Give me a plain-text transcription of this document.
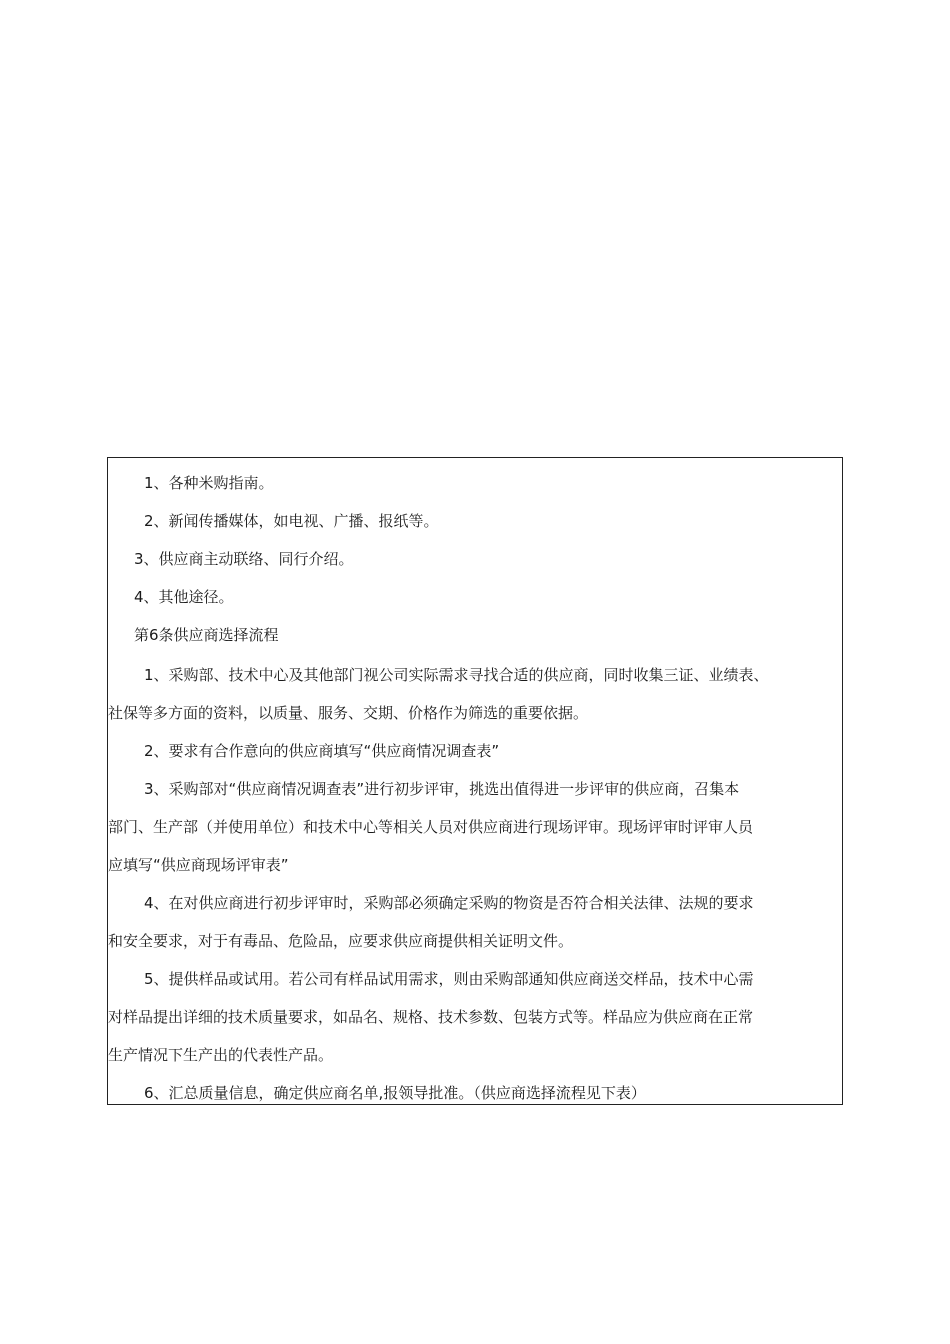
1、各种米购指南。
2、新闻传播媒体，如电视、广播、报纸等。
3、供应商主动联络、同行介绍。
4、其他途径。
第6条供应商选择流程
1、采购部、技术中心及其他部门视公司实际需求寻找合适的供应商，同时收集三证、业绩表、
社保等多方面的资料，以质量、服务、交期、价格作为筛选的重要依据。
2、要求有合作意向的供应商填写“供应商情况调查表”
3、采购部对“供应商情况调查表”进行初步评审，挑选出值得进一步评审的供应商，召集本
部门、生产部（并使用单位）和技术中心等相关人员对供应商进行现场评审。现场评审时评审人员
应填写“供应商现场评审表”
4、在对供应商进行初步评审时，采购部必须确定采购的物资是否符合相关法律、法规的要求
和安全要求，对于有毒品、危险品，应要求供应商提供相关证明文件。
5、提供样品或试用。若公司有样品试用需求，则由采购部通知供应商送交样品，技术中心需
对样品提出详细的技术质量要求，如品名、规格、技术参数、包装方式等。样品应为供应商在正常
生产情况下生产出的代表性产品。
6、汇总质量信息，确定供应商名单,报领导批准。（供应商选择流程见下表）
